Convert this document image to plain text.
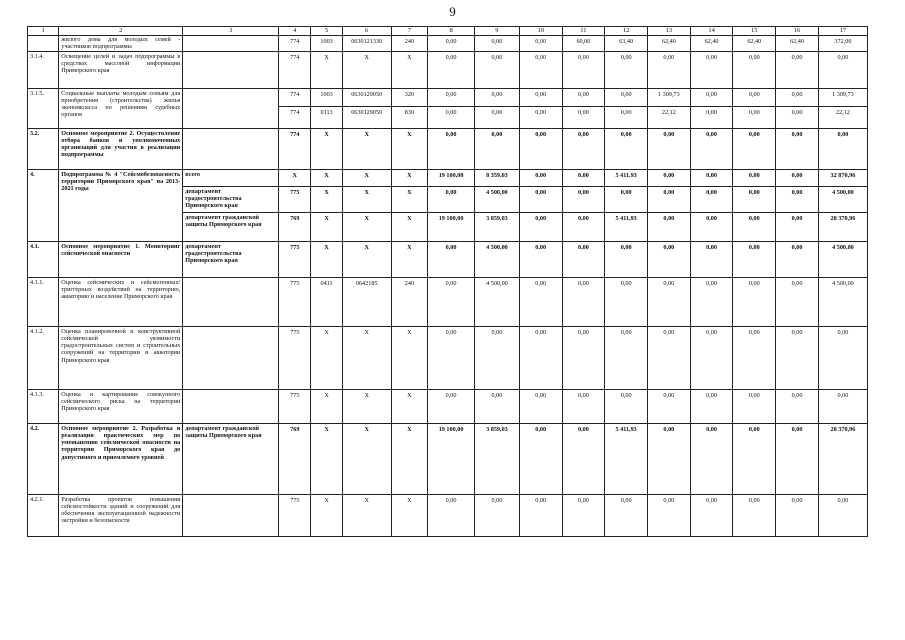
9
1	2	3	4	5	6	7	8	9	10	11	12	13	14	15	16	17
	жилого дома для молодых семей - участников подпрограммы		774	1003	0630121330	240	0,00	0,00	0,00	60,00	63,40	62,40	62,40	62,40	62,40	372,00
3.1.4.	Освещение целей и задач подпрограммы в средствах массовой информации Приморского края		774	X	X	X	0,00	0,00	0,00	0,00	0,00	0,00	0,00	0,00	0,00	0,00
3.1.5.	Социальные выплаты молодым семьям для приобретения (строительства) жилья экономкласса по решениям судебных органов		774	1003	0630129050	320	0,00	0,00	0,00	0,00	0,00	1 309,73	0,00	0,00	0,00	1 309,73
			774	0113	0630129050	830	0,00	0,00	0,00	0,00	0,00	22,12	0,00	0,00	0,00	22,12
3.2.	Основное мероприятие 2. Осуществление отбора банков и уполномоченных организаций для участия в реализации подпрограммы		774	X	X	X	0,00	0,00	0,00	0,00	0,00	0,00	0,00	0,00	0,00	0,00
4.	Подпрограмма № 4 "Сейсмобезопасность территории Приморского края" на 2013-2021 годы	всего	X	X	X	X	19 100,00	8 359,03	0,00	0,00	5 411,93	0,00	0,00	0,00	0,00	32 870,96
		департамент градостроительства Приморского края	775	X	X	X	0,00	4 500,00	0,00	0,00	0,00	0,00	0,00	0,00	0,00	4 500,00
		департамент гражданской защиты Приморского края	769	X	X	X	19 100,00	3 859,03	0,00	0,00	5 411,93	0,00	0,00	0,00	0,00	28 370,96
4.1.	Основное мероприятие 1. Мониторинг сейсмической опасности	департамент градостроительства Приморского края	775	X	X	X	0,00	4 500,00	0,00	0,00	0,00	0,00	0,00	0,00	0,00	4 500,00
4.1.1.	Оценка сейсмических и сейсмогенных/триггерных воздействий на территорию, акваторию и население Приморского края		775	0411	0642185	240	0,00	4 500,00	0,00	0,00	0,00	0,00	0,00	0,00	0,00	4 500,00
4.1.2.	Оценка планировочной и конструктивной сейсмической уязвимости градостроительных систем и строительных сооружений на территории и акватории Приморского края		775	X	X	X	0,00	0,00	0,00	0,00	0,00	0,00	0,00	0,00	0,00	0,00
4.1.3.	Оценка и картирование совокупного сейсмического риска на территории Приморского края		775	X	X	X	0,00	0,00	0,00	0,00	0,00	0,00	0,00	0,00	0,00	0,00
4.2.	Основное мероприятие 2. Разработка и реализация практических мер по уменьшению сейсмической опасности на территории Приморского края до допустимого и приемлемого уровней	департамент гражданской защиты Приморского края	769	X	X	X	19 100,00	3 859,03	0,00	0,00	5 411,93	0,00	0,00	0,00	0,00	28 370,96
4.2.1.	Разработка проектов повышения сейсмостойкости зданий и сооружений для обеспечения эксплуатационной надежности застройки и безопасности		775	X	X	X	0,00	0,00	0,00	0,00	0,00	0,00	0,00	0,00	0,00	0,00
